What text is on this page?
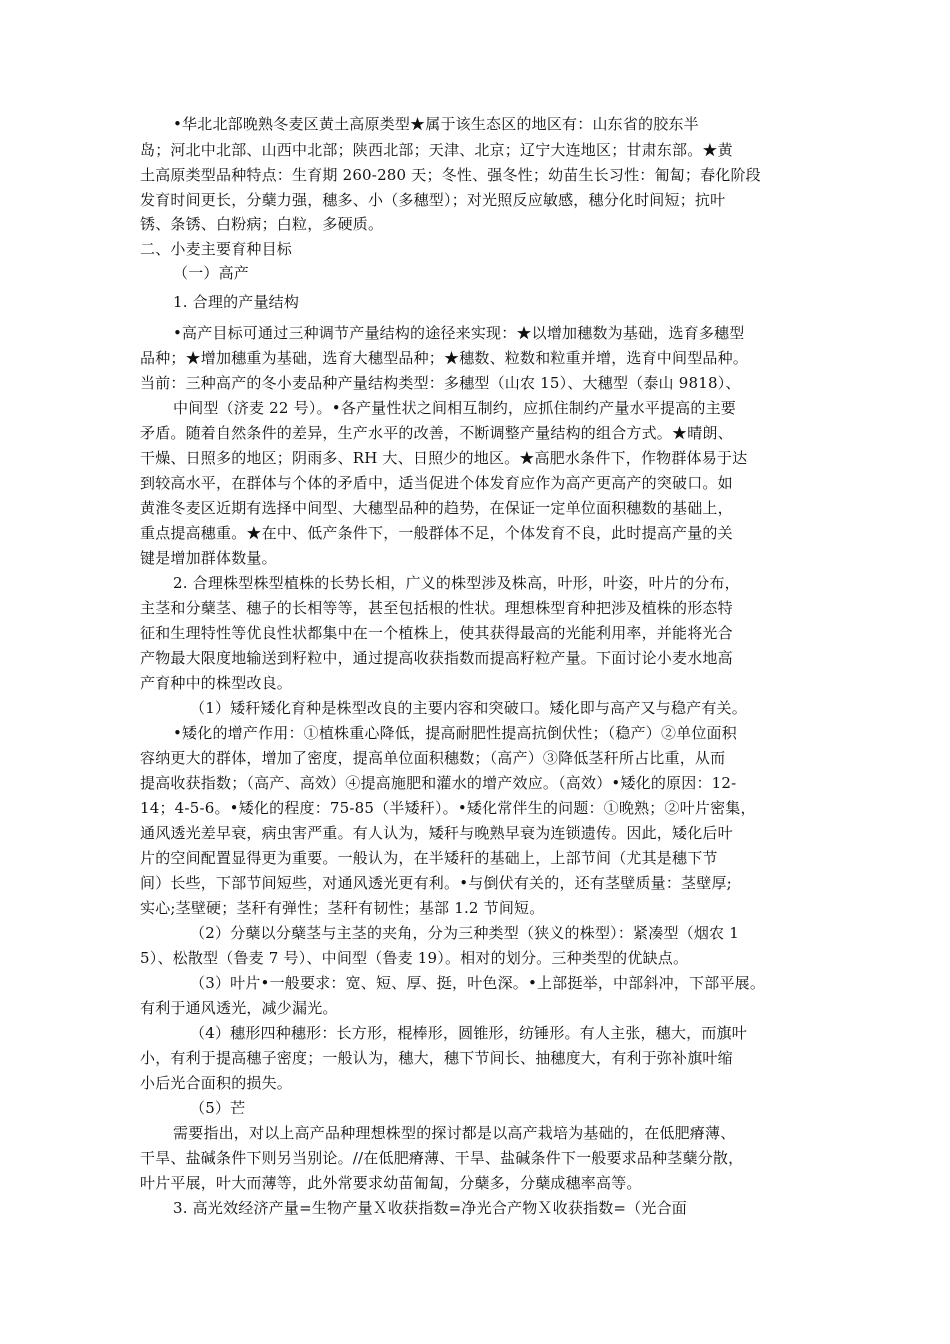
•华北北部晚熟冬麦区黄土高原类型★属于该生态区的地区有：山东省的胶东半
岛；河北中北部、山西中北部；陕西北部；天津、北京；辽宁大连地区；甘肃东部。★黄
土高原类型品种特点：生育期 260-280 天；冬性、强冬性；幼苗生长习性：匍匐；春化阶段
发育时间更长，分蘖力强，穗多、小（多穗型）；对光照反应敏感，穗分化时间短；抗叶
锈、条锈、白粉病；白粒，多硬质。
二、小麦主要育种目标
（一）高产
1. 合理的产量结构
•高产目标可通过三种调节产量结构的途径来实现：★以增加穗数为基础，选育多穗型
品种；★增加穗重为基础，选育大穗型品种；★穗数、粒数和粒重并增，选育中间型品种。
当前：三种高产的冬小麦品种产量结构类型：多穗型（山农 15）、大穗型（泰山 9818）、
中间型（济麦 22 号）。•各产量性状之间相互制约，应抓住制约产量水平提高的主要
矛盾。随着自然条件的差异，生产水平的改善，不断调整产量结构的组合方式。★晴朗、
干燥、日照多的地区；阴雨多、RH 大、日照少的地区。★高肥水条件下，作物群体易于达
到较高水平，在群体与个体的矛盾中，适当促进个体发育应作为高产更高产的突破口。如
黄淮冬麦区近期有选择中间型、大穗型品种的趋势，在保证一定单位面积穗数的基础上，
重点提高穗重。★在中、低产条件下，一般群体不足，个体发育不良，此时提高产量的关
键是增加群体数量。
2. 合理株型株型植株的长势长相，广义的株型涉及株高，叶形，叶姿，叶片的分布，
主茎和分蘖茎、穗子的长相等等，甚至包括根的性状。理想株型育种把涉及植株的形态特
征和生理特性等优良性状都集中在一个植株上，使其获得最高的光能利用率，并能将光合
产物最大限度地输送到籽粒中，通过提高收获指数而提高籽粒产量。下面讨论小麦水地高
产育种中的株型改良。
（1）矮秆矮化育种是株型改良的主要内容和突破口。矮化即与高产又与稳产有关。
•矮化的增产作用：①植株重心降低，提高耐肥性提高抗倒伏性；（稳产）②单位面积
容纳更大的群体，增加了密度，提高单位面积穗数；（高产）③降低茎秆所占比重，从而
提高收获指数；（高产、高效）④提高施肥和灌水的增产效应。（高效）•矮化的原因：12-
14；4-5-6。•矮化的程度：75-85（半矮秆）。•矮化常伴生的问题：①晚熟；②叶片密集，
通风透光差早衰，病虫害严重。有人认为，矮秆与晚熟早衰为连锁遗传。因此，矮化后叶
片的空间配置显得更为重要。一般认为，在半矮秆的基础上，上部节间（尤其是穗下节
间）长些，下部节间短些，对通风透光更有利。•与倒伏有关的，还有茎壁质量：茎壁厚;
实心;茎壁硬；茎秆有弹性；茎秆有韧性；基部 1.2 节间短。
（2）分蘖以分蘖茎与主茎的夹角，分为三种类型（狭义的株型）：紧凑型（烟农 1
5）、松散型（鲁麦 7 号）、中间型（鲁麦 19）。相对的划分。三种类型的优缺点。
（3）叶片•一般要求：宽、短、厚、挺，叶色深。•上部挺举，中部斜冲，下部平展。
有利于通风透光，减少漏光。
（4）穗形四种穗形：长方形，棍棒形，圆锥形，纺锤形。有人主张，穗大，而旗叶
小，有利于提高穗子密度；一般认为，穗大，穗下节间长、抽穗度大，有利于弥补旗叶缩
小后光合面积的损失。
（5）芒
需要指出，对以上高产品种理想株型的探讨都是以高产栽培为基础的，在低肥瘠薄、
干旱、盐碱条件下则另当别论。//在低肥瘠薄、干旱、盐碱条件下一般要求品种茎蘖分散，
叶片平展，叶大而薄等，此外常要求幼苗匍匐，分蘖多，分蘖成穗率高等。
3. 高光效经济产量=生物产量Ｘ收获指数=净光合产物Ｘ收获指数=（光合面
